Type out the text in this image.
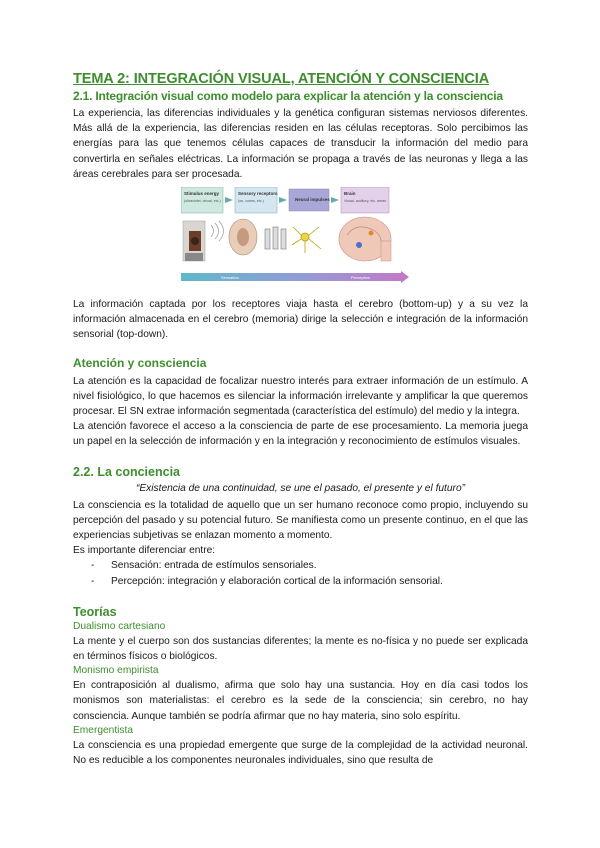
TEMA 2: INTEGRACIÓN VISUAL, ATENCIÓN Y CONSCIENCIA
2.1. Integración visual como modelo para explicar la atención y la consciencia

La experiencia, las diferencias individuales y la genética configuran sistemas nerviosos diferentes. Más allá de la experiencia, las diferencias residen en las células receptoras. Solo percibimos las energías para las que tenemos células capaces de transducir la información del medio para convertirla en señales eléctricas. La información se propaga a través de las neuronas y llega a las áreas cerebrales para ser procesada.

Stimulus energy
(ultraviolet, visual, etc.)
Sensory receptors
(on, cones, etc.)	Neural impulses
Brain
Visual, auditory, etc. areas
Sensation	Perception

La información captada por los receptores viaja hasta el cerebro (bottom-up) y a su vez la información almacenada en el cerebro (memoria) dirige la selección e integración de la información sensorial (top-down).

Atención y consciencia

La atención es la capacidad de focalizar nuestro interés para extraer información de un estímulo. A nivel fisiológico, lo que hacemos es silenciar la información irrelevante y amplificar la que queremos procesar. El SN extrae información segmentada (característica del estímulo) del medio y la integra.

La atención favorece el acceso a la consciencia de parte de ese procesamiento. La memoria juega un papel en la selección de información y en la integración y reconocimiento de estímulos visuales.

2.2. La conciencia
“Existencia de una continuidad, se une el pasado, el presente y el futuro”

La consciencia es la totalidad de aquello que un ser humano reconoce como propio, incluyendo su percepción del pasado y su potencial futuro. Se manifiesta como un presente continuo, en el que las experiencias subjetivas se enlazan momento a momento.

Es importante diferenciar entre:

- Sensación: entrada de estímulos sensoriales.
- Percepción: integración y elaboración cortical de la información sensorial.
Teorías
Dualismo cartesiano

La mente y el cuerpo son dos sustancias diferentes; la mente es no-física y no puede ser explicada en términos físicos o biológicos.

Monismo empirista

En contraposición al dualismo, afirma que solo hay una sustancia. Hoy en día casi todos los monismos son materialistas: el cerebro es la sede de la consciencia; sin cerebro, no hay consciencia. Aunque también se podría afirmar que no hay materia, sino solo espíritu.

Emergentista

La consciencia es una propiedad emergente que surge de la complejidad de la actividad neuronal. No es reducible a los componentes neuronales individuales, sino que resulta de
